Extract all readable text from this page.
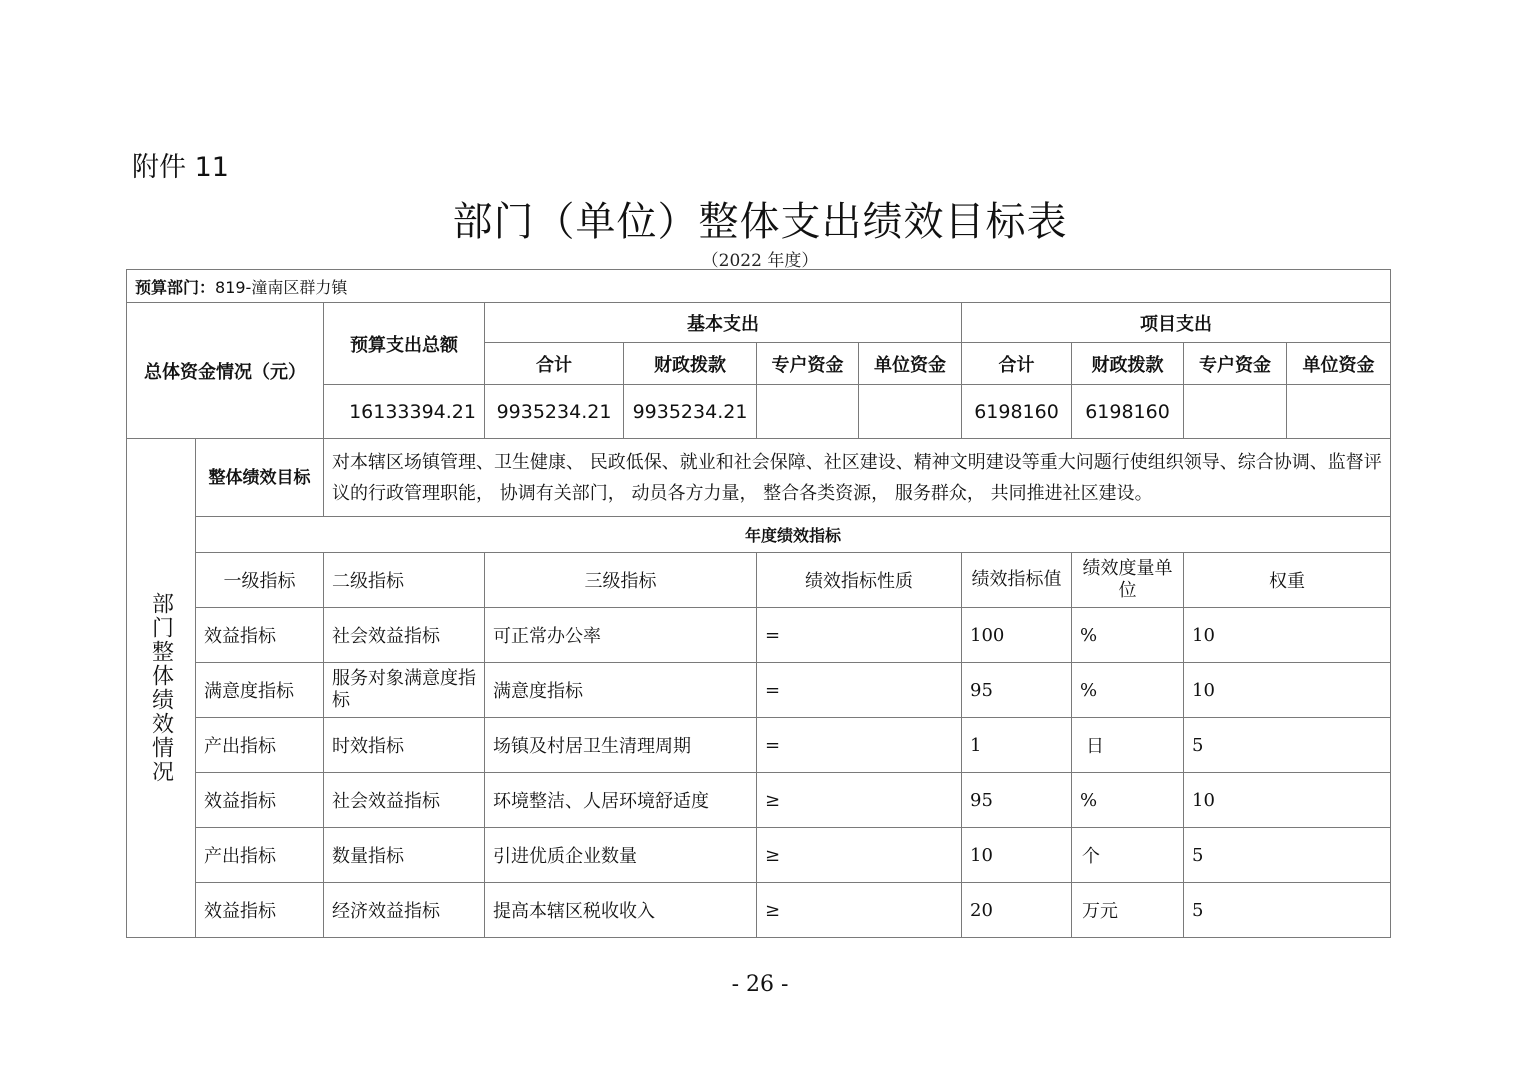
附件 11
部门（单位）整体支出绩效目标表
（2022 年度）
预算部门：819-潼南区群力镇										
总体资金情况（元）		预算支出总额	基本支出				项目支出			
			合计	财政拨款	专户资金	单位资金	合计	财政拨款	专户资金	单位资金
		16133394.21	9935234.21	9935234.21			6198160	6198160		

部门整体绩效情况	整体绩效目标	对本辖区场镇管理、卫生健康、 民政低保、就业和社会保障、社区建设、精神文明建设等重大问题行使组织领导、综合协调、监督评议的行政管理职能， 协调有关部门， 动员各方力量， 整合各类资源， 服务群众， 共同推进社区建设。								
	年度绩效指标									
	一级指标	二级指标	三级指标		绩效指标性质		绩效指标值	绩效度量单位	权重	
	效益指标	社会效益指标	可正常办公率		=		100	%	10	
	满意度指标	服务对象满意度指标	满意度指标		=		95	%	10	
	产出指标	时效指标	场镇及村居卫生清理周期		=		1	日	5	
	效益指标	社会效益指标	环境整洁、人居环境舒适度		≥		95	%	10	
	产出指标	数量指标	引进优质企业数量		≥		10	个	5	
	效益指标	经济效益指标	提高本辖区税收收入		≥		20	万元	5	
- 26 -
